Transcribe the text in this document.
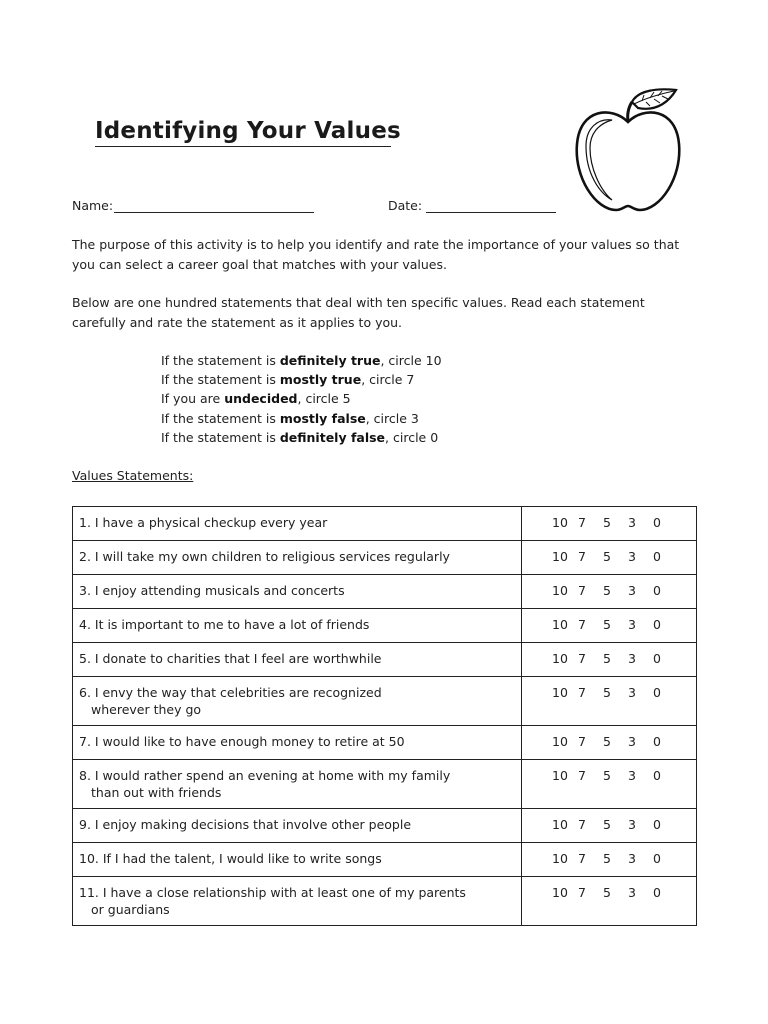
Identifying Your Values
Name:	Date:
The purpose of this activity is to help you identify and rate the importance of your values so that you can select a career goal that matches with your values.
Below are one hundred statements that deal with ten specific values. Read each statement carefully and rate the statement as it applies to you.
If the statement is definitely true, circle 10
If the statement is mostly true, circle 7
If you are undecided, circle 5
If the statement is mostly false, circle 3
If the statement is definitely false, circle 0
Values Statements:
1. I have a physical checkup every year	10 7 5 3 0

2. I will take my own children to religious services regularly	10 7 5 3 0

3. I enjoy attending musicals and concerts	10 7 5 3 0

4. It is important to me to have a lot of friends	10 7 5 3 0

5. I donate to charities that I feel are worthwhile	10 7 5 3 0

6. I envy the way that celebrities are recognized
wherever they go	10 7 5 3 0

7. I would like to have enough money to retire at 50	10 7 5 3 0

8. I would rather spend an evening at home with my family
than out with friends	10 7 5 3 0

9. I enjoy making decisions that involve other people	10 7 5 3 0

10. If I had the talent, I would like to write songs	10 7 5 3 0

11. I have a close relationship with at least one of my parents
or guardians	10 7 5 3 0
